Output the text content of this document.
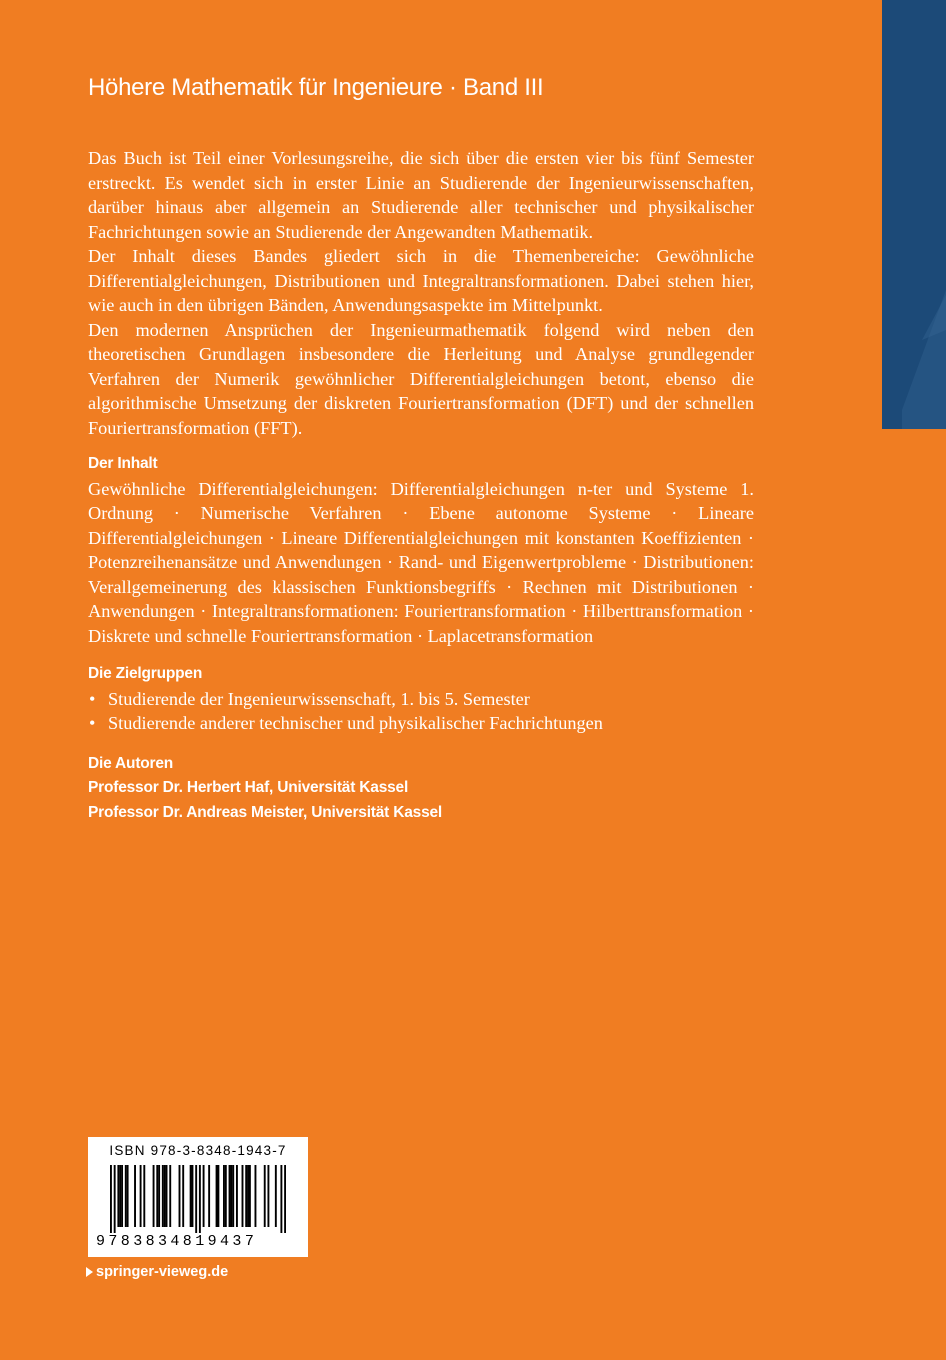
Höhere Mathematik für Ingenieure · Band III

Das Buch ist Teil einer Vorlesungsreihe, die sich über die ersten vier bis fünf Semester erstreckt. Es wendet sich in erster Linie an Studierende der Ingenieurwissenschaften, darüber hinaus aber allgemein an Studierende aller technischer und physikalischer Fachrichtungen sowie an Studierende der Angewandten Mathematik.

Der Inhalt dieses Bandes gliedert sich in die Themenbereiche: Gewöhnliche Differentialgleichungen, Distributionen und Integraltransformationen. Dabei stehen hier, wie auch in den übrigen Bänden, Anwendungsaspekte im Mittelpunkt.

Den modernen Ansprüchen der Ingenieurmathematik folgend wird neben den theoretischen Grundlagen insbesondere die Herleitung und Analyse grundlegender Verfahren der Numerik gewöhnlicher Differentialgleichungen betont, ebenso die algorithmische Umsetzung der diskreten Fouriertransformation (DFT) und der schnellen Fouriertransformation (FFT).

Der Inhalt

Gewöhnliche Differentialgleichungen: Differentialgleichungen n-ter und Systeme 1. Ordnung · Numerische Verfahren · Ebene autonome Systeme · Lineare Differentialgleichungen · Lineare Differentialgleichungen mit konstanten Koeffizienten · Potenzreihenansätze und Anwendungen · Rand- und Eigenwertprobleme · Distributionen: Verallgemeinerung des klassischen Funktionsbegriffs · Rechnen mit Distributionen · Anwendungen · Integraltransformationen: Fouriertransformation · Hilberttransformation · Diskrete und schnelle Fouriertransformation · Laplacetransformation

Die Zielgruppen
• Studierende der Ingenieurwissenschaft, 1. bis 5. Semester
• Studierende anderer technischer und physikalischer Fachrichtungen
Die Autoren
Professor Dr. Herbert Haf, Universität Kassel
Professor Dr. Andreas Meister, Universität Kassel
ISBN 978-3-8348-1943-7
9783834819437
springer-vieweg.de
